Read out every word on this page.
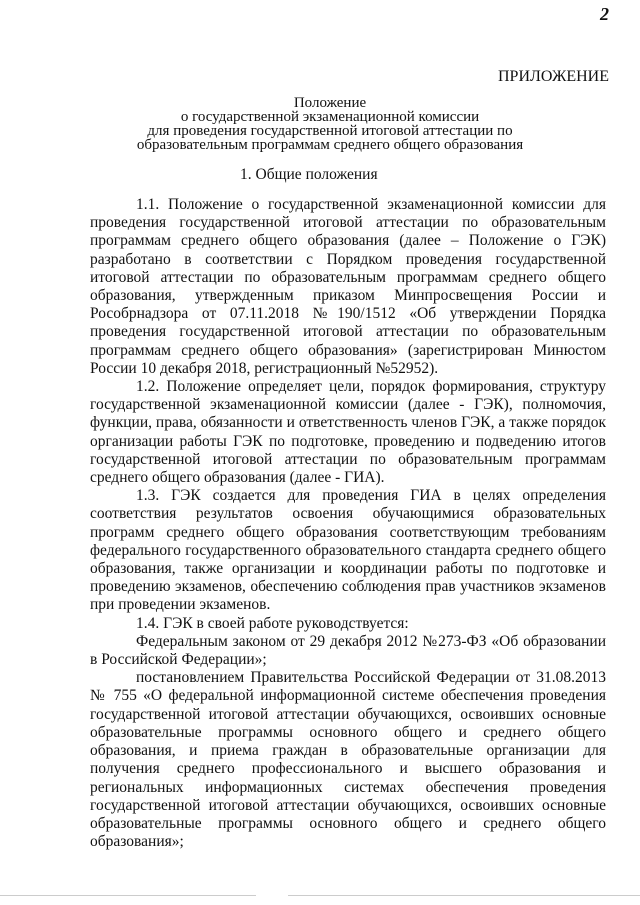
2
ПРИЛОЖЕНИЕ
Положение
о государственной экзаменационной комиссии
для проведения государственной итоговой аттестации по
образовательным программам среднего общего образования
1. Общие положения

1.1. Положение о государственной экзаменационной комиссии для проведения государственной итоговой аттестации по образовательным программам среднего общего образования (далее – Положение о ГЭК) разработано в соответствии с Порядком проведения государственной итоговой аттестации по образовательным программам среднего общего образования, утвержденным приказом Минпросвещения России и Рособрнадзора от 07.11.2018 №190/1512 «Об утверждении Порядка проведения государственной итоговой аттестации по образовательным программам среднего общего образования» (зарегистрирован Минюстом России 10 декабря 2018, регистрационный №52952).

1.2. Положение определяет цели, порядок формирования, структуру государственной экзаменационной комиссии (далее - ГЭК), полномочия, функции, права, обязанности и ответственность членов ГЭК, а также порядок организации работы ГЭК по подготовке, проведению и подведению итогов государственной итоговой аттестации по образовательным программам среднего общего образования (далее - ГИА).

1.3. ГЭК создается для проведения ГИА в целях определения соответствия результатов освоения обучающимися образовательных программ среднего общего образования соответствующим требованиям федерального государственного образовательного стандарта среднего общего образования, также организации и координации работы по подготовке и проведению экзаменов, обеспечению соблюдения прав участников экзаменов при проведении экзаменов.

1.4. ГЭК в своей работе руководствуется:

Федеральным законом от 29 декабря 2012 №273-ФЗ «Об образовании в Российской Федерации»;

постановлением Правительства Российской Федерации от 31.08.2013 № 755 «О федеральной информационной системе обеспечения проведения государственной итоговой аттестации обучающихся, освоивших основные образовательные программы основного общего и среднего общего образования, и приема граждан в образовательные организации для получения среднего профессионального и высшего образования и региональных информационных системах обеспечения проведения государственной итоговой аттестации обучающихся, освоивших основные образовательные программы основного общего и среднего общего образования»;
